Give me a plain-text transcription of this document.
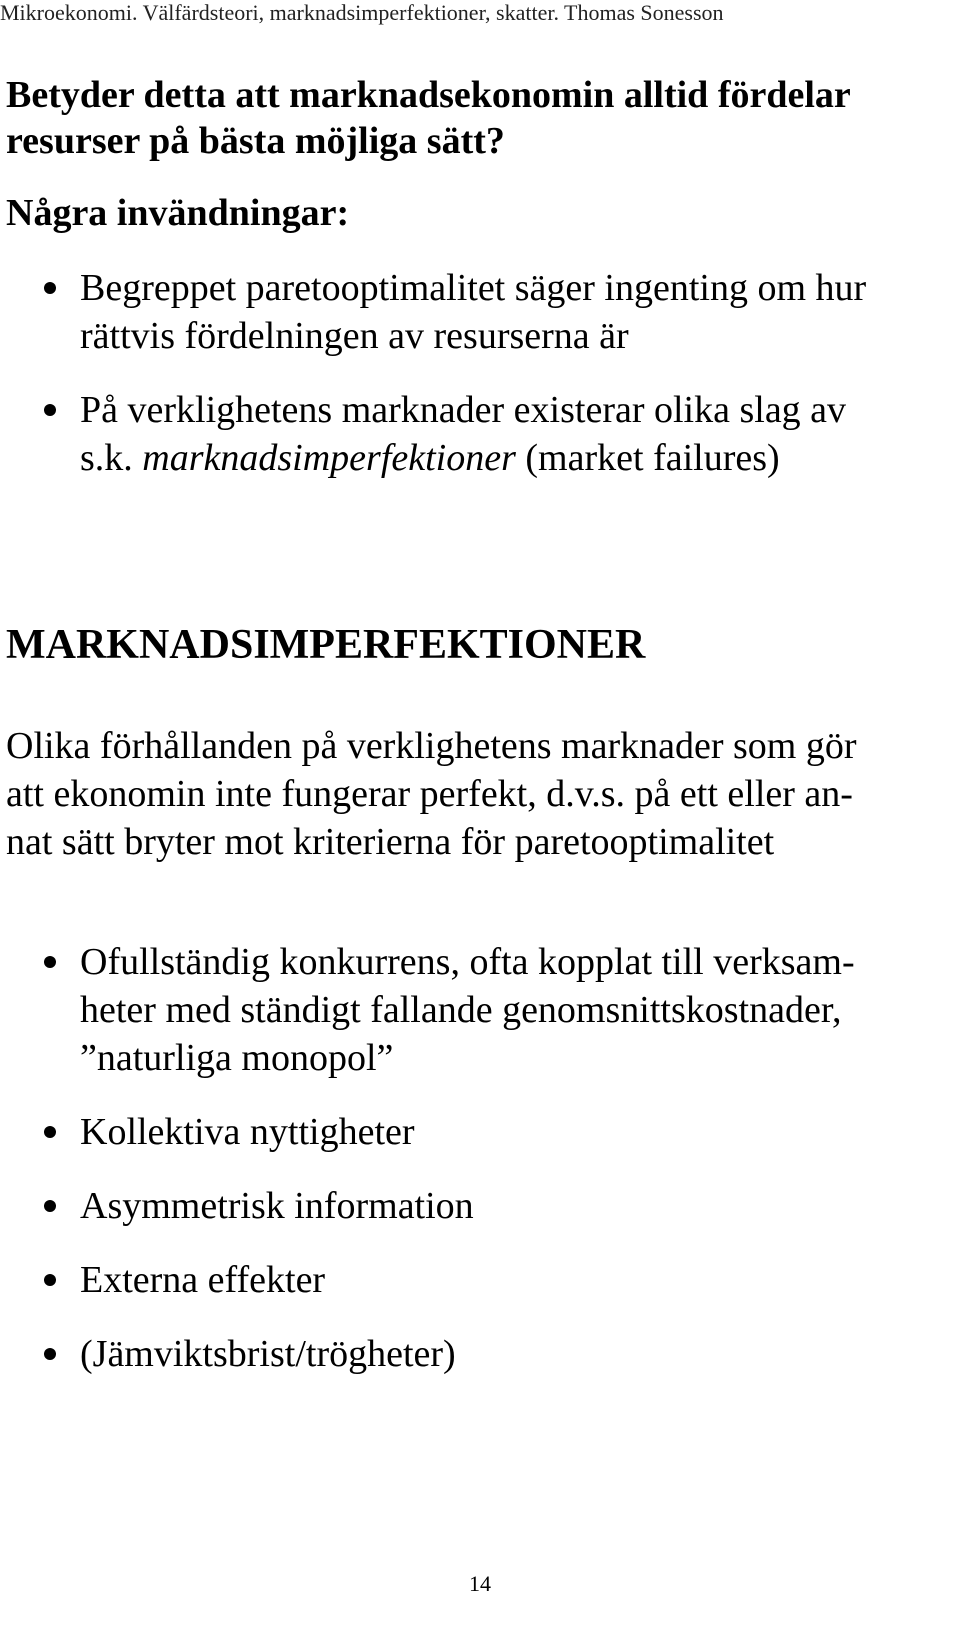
Mikroekonomi. Välfärdsteori, marknadsimperfektioner, skatter. Thomas Sonesson

Betyder detta att marknadsekonomin alltid fördelar
resurser på bästa möjliga sätt?

Några invändningar:

Begreppet paretooptimalitet säger ingenting om hur
rättvis fördelningen av resurserna är
På verklighetens marknader existerar olika slag av
s.k. marknadsimperfektioner (market failures)
MARKNADSIMPERFEKTIONER

Olika förhållanden på verklighetens marknader som gör
att ekonomin inte fungerar perfekt, d.v.s. på ett eller an-
nat sätt bryter mot kriterierna för paretooptimalitet

Ofullständig konkurrens, ofta kopplat till verksam-
heter med ständigt fallande genomsnittskostnader,
”naturliga monopol”
Kollektiva nyttigheter
Asymmetrisk information
Externa effekter
(Jämviktsbrist/trögheter)
14
